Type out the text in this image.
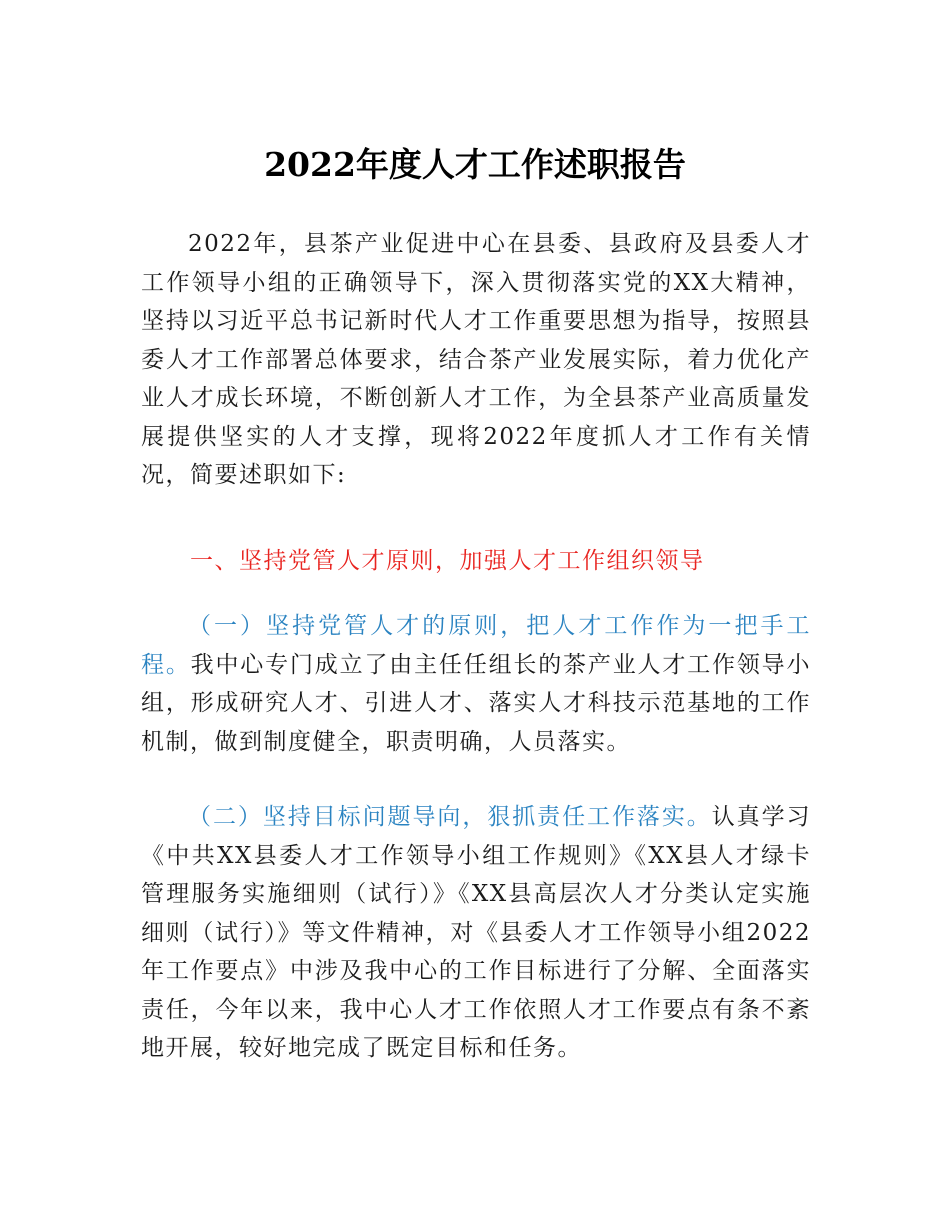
2022年度人才工作述职报告

2022年，县茶产业促进中心在县委、县政府及县委人才工作领导小组的正确领导下，深入贯彻落实党的XX大精神，坚持以习近平总书记新时代人才工作重要思想为指导，按照县委人才工作部署总体要求，结合茶产业发展实际，着力优化产业人才成长环境，不断创新人才工作，为全县茶产业高质量发展提供坚实的人才支撑，现将2022年度抓人才工作有关情况，简要述职如下:

一、坚持党管人才原则，加强人才工作组织领导

（一）坚持党管人才的原则，把人才工作作为一把手工程。我中心专门成立了由主任任组长的茶产业人才工作领导小组，形成研究人才、引进人才、落实人才科技示范基地的工作机制，做到制度健全，职责明确，人员落实。

（二）坚持目标问题导向，狠抓责任工作落实。认真学习《中共XX县委人才工作领导小组工作规则》《XX县人才绿卡管理服务实施细则（试行）》《XX县高层次人才分类认定实施细则（试行）》等文件精神，对《县委人才工作领导小组2022年工作要点》中涉及我中心的工作目标进行了分解、全面落实责任，今年以来，我中心人才工作依照人才工作要点有条不紊地开展，较好地完成了既定目标和任务。
